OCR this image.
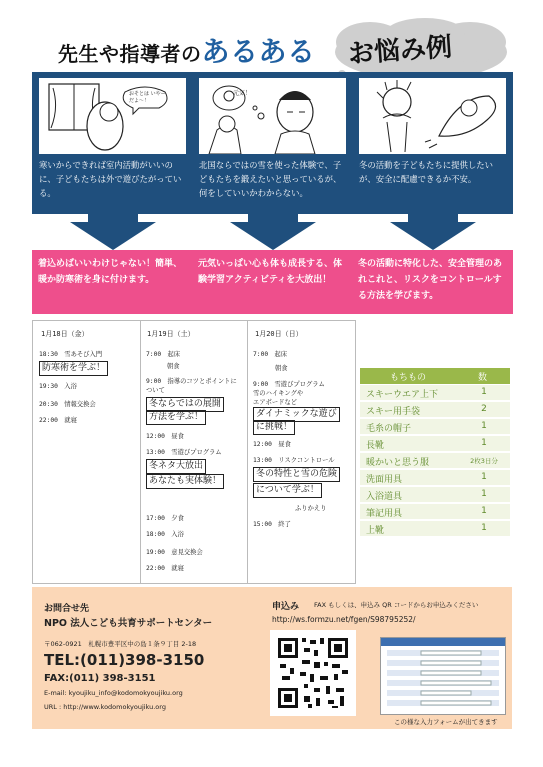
先生や指導者のあるある お悩み例
おそとは いやーだよ〜！
寒いからできれば室内活動がいいのに、子どもたちは外で遊びたがっている。
元気！
北国ならではの雪を使った体験で、子どもたちを鍛えたいと思っているが、何をしていいかわからない。
冬の活動を子どもたちに提供したいが、安全に配慮できるか不安。
着込めばいいわけじゃない！簡単、暖か防寒術を身に付けます。
元気いっぱい心も体も成長する、体験学習アクティビティを大放出！
冬の活動に特化した、安全管理のあれこれと、リスクをコントロールする方法を学びます。
1月18日（金）
18:30　 雪あそび入門
防寒術を学ぶ！
19:30　 入浴
20:30　 情報交換会
22:00　 就寝
1月19日（土）
7:00　 起床
朝食
9:00　 指導のコツとポイントについて
冬ならではの展開
方法を学ぶ！
12:00　 昼食
13:00　 雪遊びプログラム
冬ネタ大放出
あなたも実体験！
17:00　 夕食
18:00　 入浴
19:00　 意見交換会
22:00　 就寝
1月20日（日）
7:00　 起床
朝食
9:00　 雪遊びプログラム
雪のハイキングや
エアボードなど
ダイナミックな遊び
に挑戦！
12:00　 昼食
13:00　 リスクコントロール
冬の特性と雪の危険
について学ぶ！
ふりかえり
15:00　 終了
もちもの	数
スキーウエア上下	1
スキー用手袋	2
毛糸の帽子	1
長靴	1
暖かいと思う服	2枚3日分
洗面用具	1
入浴道具	1
筆記用具	1
上靴	1
お問合せ先
NPO 法人こども共育サポートセンター
〒062-0921　札幌市豊平区中の島１条９丁目 2-18
TEL:(011)398-3150
FAX:(011) 398-3151
E-mail: kyoujiku_info@kodomokyoujiku.org
URL : http://www.kodomokyoujiku.org
申込み FAX もしくは、申込み QR コードからお申込みください
http://ws.formzu.net/fgen/S98795252/
この様な入力フォームが出てきます
